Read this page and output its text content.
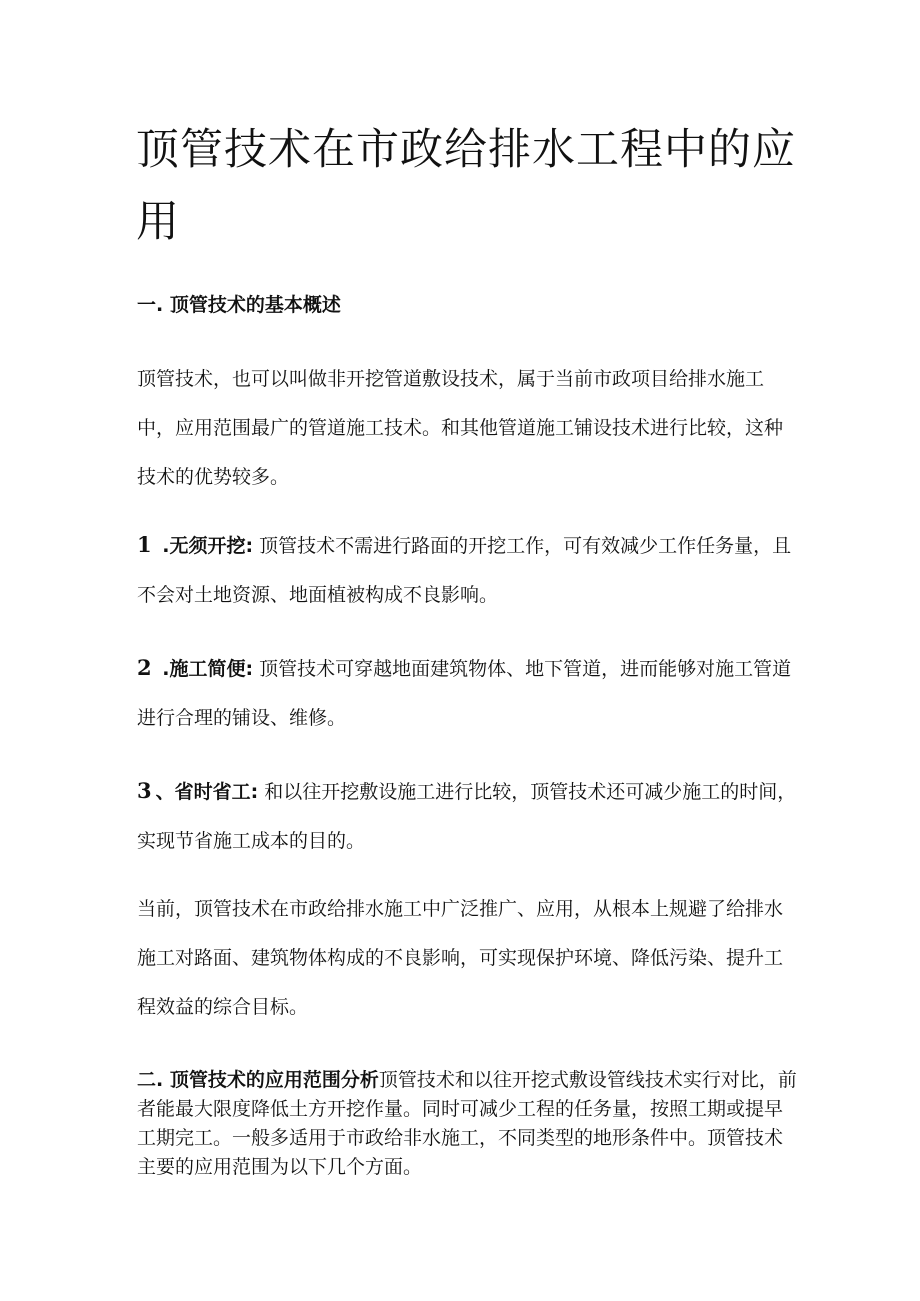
顶管技术在市政给排水工程中的应用
一. 顶管技术的基本概述

顶管技术，也可以叫做非开挖管道敷设技术，属于当前市政项目给排水施工中，应用范围最广的管道施工技术。和其他管道施工铺设技术进行比较，这种技术的优势较多。

1 .无须开挖: 顶管技术不需进行路面的开挖工作，可有效减少工作任务量，且不会对土地资源、地面植被构成不良影响。

2 .施工简便: 顶管技术可穿越地面建筑物体、地下管道，进而能够对施工管道进行合理的铺设、维修。

3 、省时省工: 和以往开挖敷设施工进行比较，顶管技术还可减少施工的时间，实现节省施工成本的目的。

当前，顶管技术在市政给排水施工中广泛推广、应用，从根本上规避了给排水施工对路面、建筑物体构成的不良影响，可实现保护环境、降低污染、提升工程效益的综合目标。

二. 顶管技术的应用范围分析顶管技术和以往开挖式敷设管线技术实行对比，前者能最大限度降低土方开挖作量。同时可减少工程的任务量，按照工期或提早工期完工。一般多适用于市政给非水施工，不同类型的地形条件中。顶管技术主要的应用范围为以下几个方面。
